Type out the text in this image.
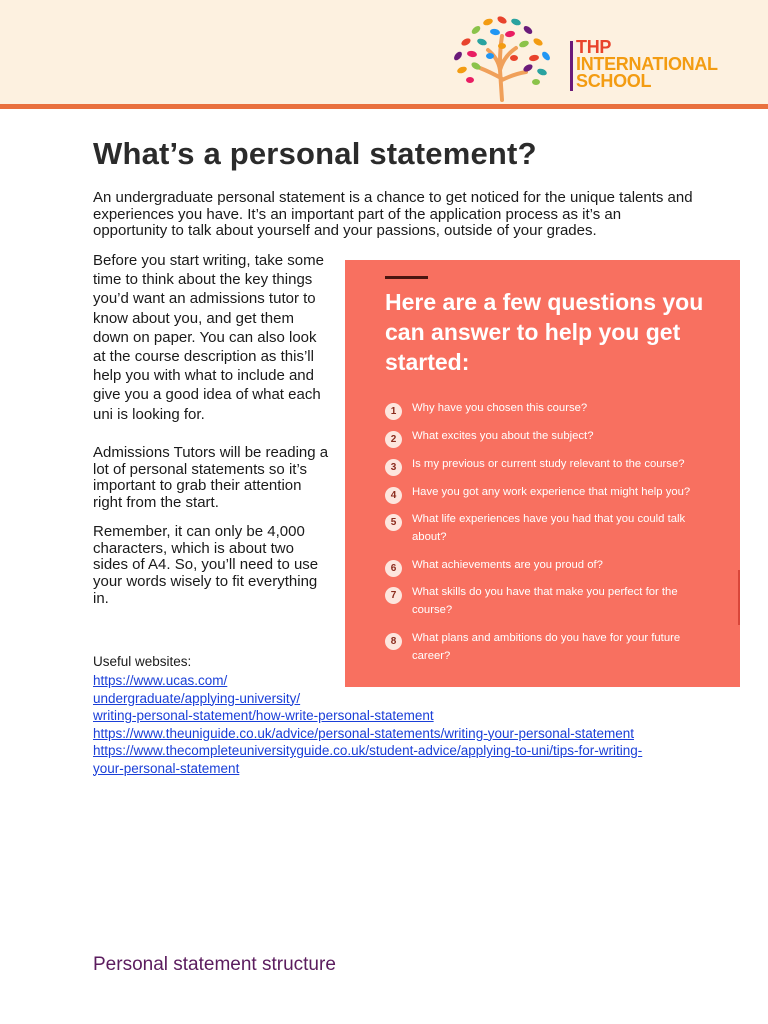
THP
INTERNATIONAL
SCHOOL
What’s a personal statement?

An undergraduate personal statement is a chance to get noticed for the unique talents and experiences you have. It’s an important part of the application process as it’s an opportunity to talk about yourself and your passions, outside of your grades.

Before you start writing, take some time to think about the key things you’d want an admissions tutor to know about you, and get them down on paper. You can also look at the course description as this’ll help you with what to include and give you a good idea of what each uni is looking for.

Admissions Tutors will be reading a lot of personal statements so it’s important to grab their attention right from the start.

Remember, it can only be 4,000 characters, which is about two sides of A4. So, you’ll need to use your words wisely to fit everything in.

Here are a few questions you can answer to help you get started:
1	Why have you chosen this course?
2	What excites you about the subject?
3	Is my previous or current study relevant to the course?
4	Have you got any work experience that might help you?
5	What life experiences have you had that you could talk about?
6	What achievements are you proud of?
7	What skills do you have that make you perfect for the course?
8	What plans and ambitions do you have for your future career?

Useful websites:

https://www.ucas.com/
undergraduate/applying-university/
writing-personal-statement/how-write-personal-statement
https://www.theuniguide.co.uk/advice/personal-statements/writing-your-personal-statement
https://www.thecompleteuniversityguide.co.uk/student-advice/applying-to-uni/tips-for-writing-
your-personal-statement
Personal statement structure
